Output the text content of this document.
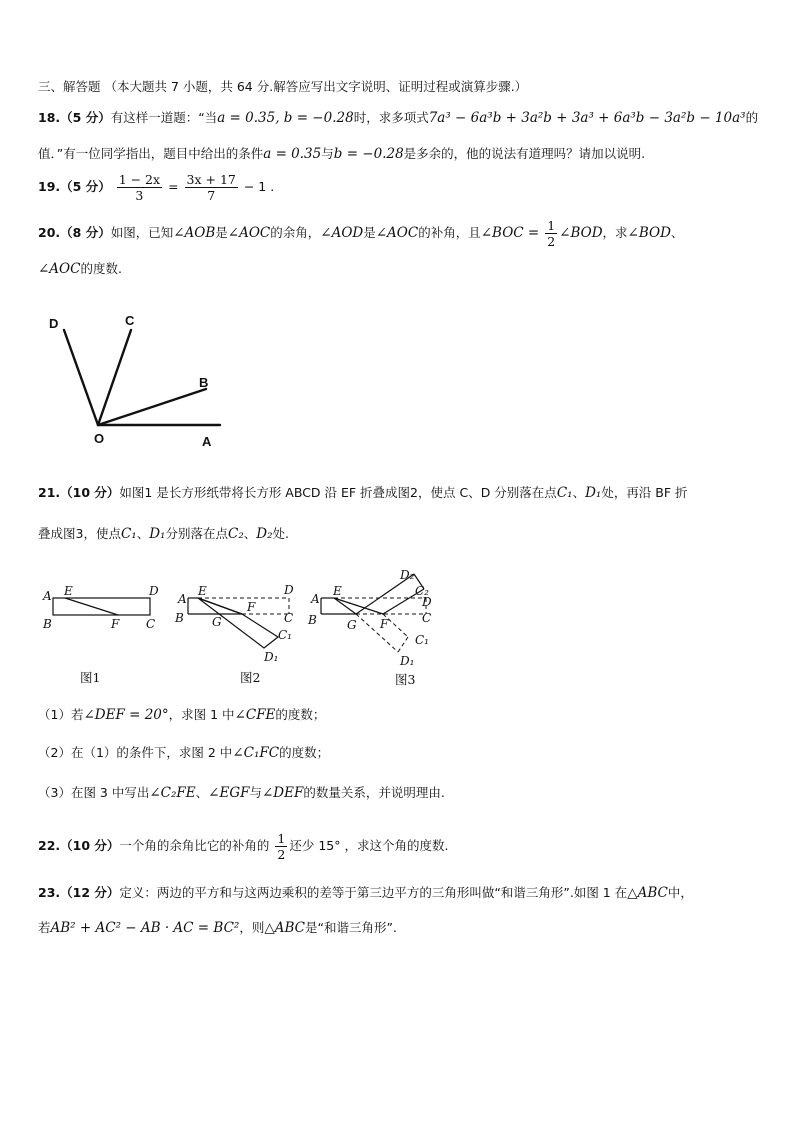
三、解答题 （本大题共 7 小题，共 64 分.解答应写出文字说明、证明过程或演算步骤.）
18.（5 分）有这样一道题：“当a = 0.35, b = −0.28时，求多项式7a³ − 6a³b + 3a²b + 3a³ + 6a³b − 3a²b − 10a³的
值．”有一位同学指出，题目中给出的条件a = 0.35与b = −0.28是多余的，他的说法有道理吗？请加以说明.
19.（5 分） $\frac{1 - 2x}{3} = \frac{3x + 17}{7} - 1$ .
20.（8 分）如图，已知∠AOB是∠AOC的余角，∠AOD是∠AOC的补角，且∠BOC = $\frac{1}{2}$ ∠BOD，求∠BOD、
∠AOC的度数.
D	C
B
O	A
21.（10 分）如图1 是长方形纸带将长方形 ABCD 沿 EF 折叠成图2，使点 C、D 分别落在点C₁、D₁处，再沿 BF 折
叠成图3，使点C₁、D₁分别落在点C₂、D₂处.
A E	D
B	F C
图1
A
E	D
B G
F
C
C₁
D₁
图2
A
E
D₂
C₂
D
B	G F	C
C₁
D₁
图3
（1）若∠DEF = 20°，求图 1 中∠CFE的度数；
（2）在（1）的条件下，求图 2 中∠C₁FC的度数；
（3）在图 3 中写出∠C₂FE、∠EGF与∠DEF的数量关系，并说明理由.
22.（10 分）一个角的余角比它的补角的 $\frac{1}{2}$ 还少 15° ，求这个角的度数.
23.（12 分）定义：两边的平方和与这两边乘积的差等于第三边平方的三角形叫做“和谐三角形”.如图 1 在△ABC中，
若AB² + AC² − AB · AC = BC²，则△ABC是“和谐三角形”.
